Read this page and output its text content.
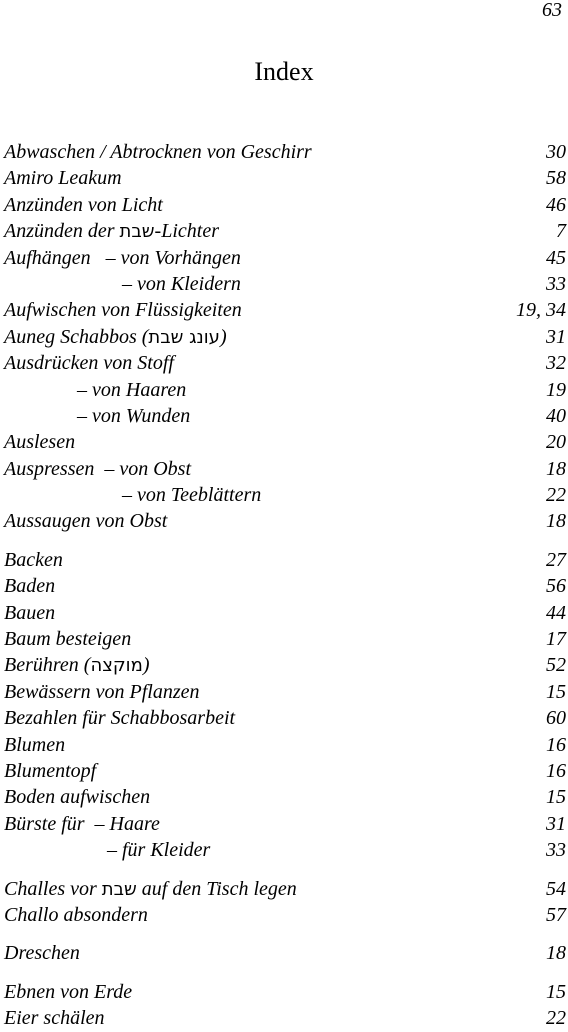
63
Index
Abwaschen / Abtrocknen von Geschirr	30
Amiro Leakum	58
Anzünden von Licht	46
Anzünden der שבת-Lichter	7
Aufhängen   – von Vorhängen	45
– von Kleidern	33
Aufwischen von Flüssigkeiten	19, 34
Auneg Schabbos (עונג שבת)	31
Ausdrücken von Stoff	32
– von Haaren	19
– von Wunden	40
Auslesen	20
Auspressen  – von Obst	18
– von Teeblättern	22
Aussaugen von Obst	18
Backen	27
Baden	56
Bauen	44
Baum besteigen	17
Berühren (מוקצה)	52
Bewässern von Pflanzen	15
Bezahlen für Schabbosarbeit	60
Blumen	16
Blumentopf	16
Boden aufwischen	15
Bürste für  – Haare	31
– für Kleider	33
Challes vor שבת auf den Tisch legen	54
Challo absondern	57
Dreschen	18
Ebnen von Erde	15
Eier schälen	22
